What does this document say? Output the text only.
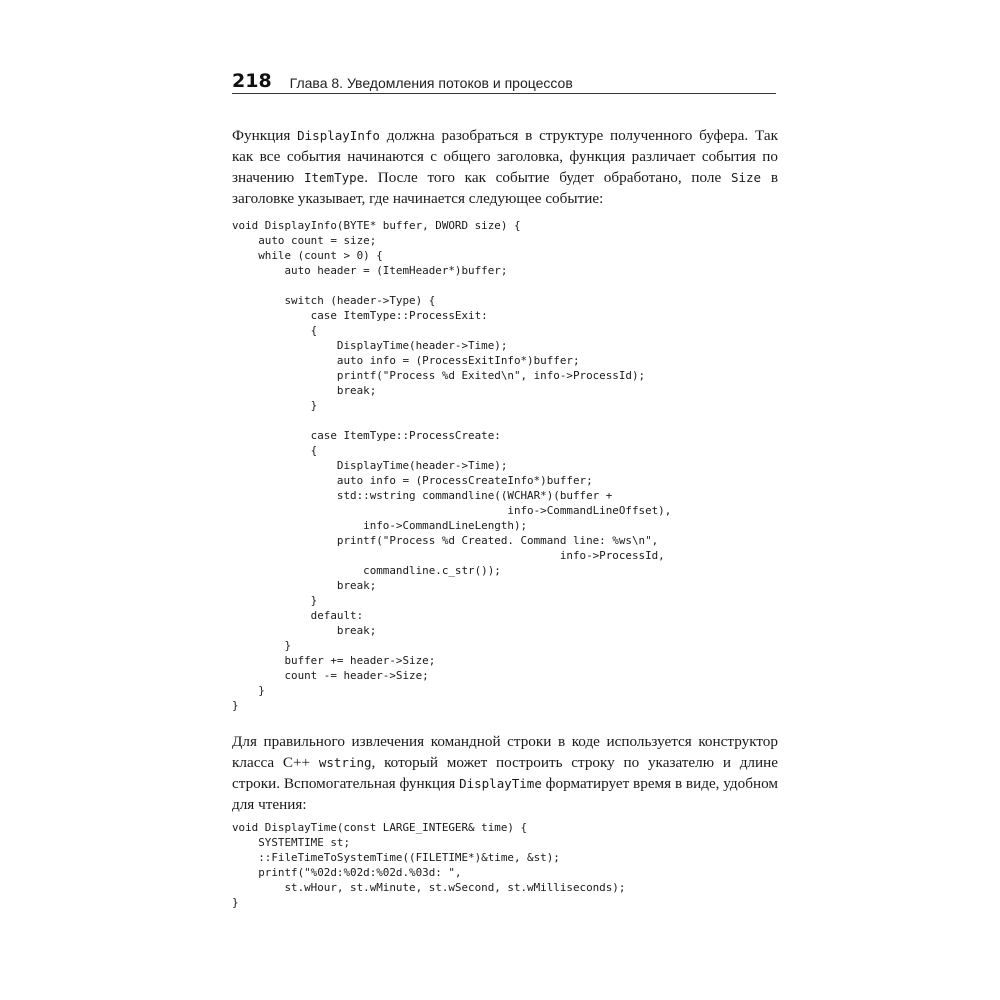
218 Глава 8. Уведомления потоков и процессов

Функция DisplayInfo должна разобраться в структуре полученного буфера. Так как все события начинаются с общего заголовка, функция различает события по значению ItemType. После того как событие будет обработано, поле Size в заголовке указывает, где начинается следующее событие:

void DisplayInfo(BYTE* buffer, DWORD size) {
auto count = size;
while (count > 0) {
auto header = (ItemHeader*)buffer;

switch (header->Type) {
case ItemType::ProcessExit:
{
DisplayTime(header->Time);
auto info = (ProcessExitInfo*)buffer;
printf("Process %d Exited\n", info->ProcessId);
break;
}

case ItemType::ProcessCreate:
{
DisplayTime(header->Time);
auto info = (ProcessCreateInfo*)buffer;
std::wstring commandline((WCHAR*)(buffer +
info->CommandLineOffset),
info->CommandLineLength);
printf("Process %d Created. Command line: %ws\n",
info->ProcessId,
commandline.c_str());
break;
}
default:
break;
}
buffer += header->Size;
count -= header->Size;
}
}

Для правильного извлечения командной строки в коде используется конструктор класса C++ wstring, который может построить строку по указателю и длине строки. Вспомогательная функция DisplayTime форматирует время в виде, удобном для чтения:

void DisplayTime(const LARGE_INTEGER& time) {
SYSTEMTIME st;
::FileTimeToSystemTime((FILETIME*)&time, &st);
printf("%02d:%02d:%02d.%03d: ",
st.wHour, st.wMinute, st.wSecond, st.wMilliseconds);
}
